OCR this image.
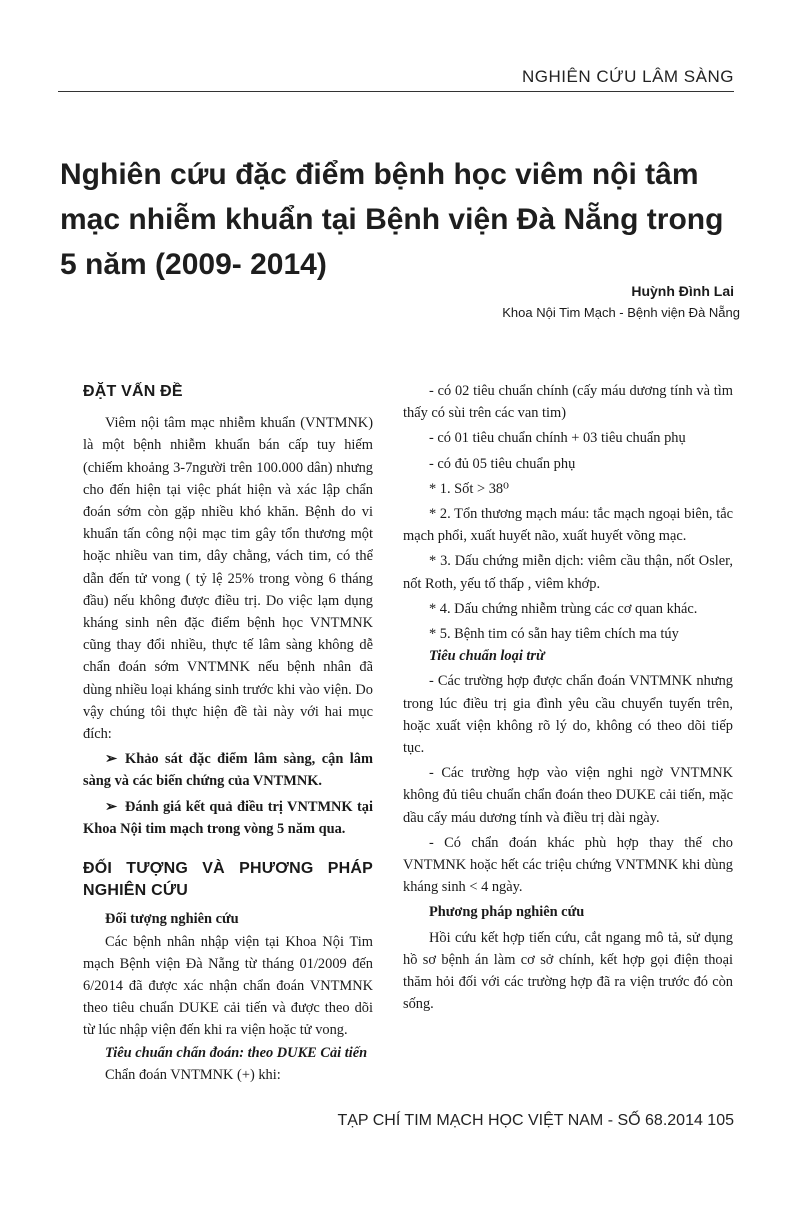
NGHIÊN CỨU LÂM SÀNG
Nghiên cứu đặc điểm bệnh học viêm nội tâm mạc nhiễm khuẩn tại Bệnh viện Đà Nẵng trong 5 năm (2009- 2014)
Huỳnh Đình Lai
Khoa Nội Tim Mạch - Bệnh viện Đà Nẵng

ĐẶT VẤN ĐỀ

Viêm nội tâm mạc nhiễm khuẩn (VNTMNK) là một bệnh nhiễm khuẩn bán cấp tuy hiếm (chiếm khoảng 3-7người trên 100.000 dân) nhưng cho đến hiện tại việc phát hiện và xác lập chẩn đoán sớm còn gặp nhiều khó khăn. Bệnh do vi khuẩn tấn công nội mạc tim gây tổn thương một hoặc nhiều van tim, dây chằng, vách tim, có thể dẫn đến tử vong ( tỷ lệ 25% trong vòng 6 tháng đầu) nếu không được điều trị. Do việc lạm dụng kháng sinh nên đặc điểm bệnh học VNTMNK cũng thay đổi nhiều, thực tế lâm sàng không dễ chẩn đoán sớm VNTMNK nếu bệnh nhân đã dùng nhiều loại kháng sinh trước khi vào viện. Do vậy chúng tôi thực hiện đề tài này với hai mục đích:

➢ Khảo sát đặc điểm lâm sàng, cận lâm sàng và các biến chứng của VNTMNK.

➢ Đánh giá kết quả điều trị VNTMNK tại Khoa Nội tim mạch trong vòng 5 năm qua.

ĐỐI TƯỢNG VÀ PHƯƠNG PHÁP NGHIÊN CỨU

Đối tượng nghiên cứu

Các bệnh nhân nhập viện tại Khoa Nội Tim mạch Bệnh viện Đà Nẵng từ tháng 01/2009 đến 6/2014 đã được xác nhận chẩn đoán VNTMNK theo tiêu chuẩn DUKE cải tiến và được theo dõi từ lúc nhập viện đến khi ra viện hoặc tử vong.

Tiêu chuẩn chẩn đoán: theo DUKE Cải tiến

Chẩn đoán VNTMNK (+) khi:

- có 02 tiêu chuẩn chính (cấy máu dương tính và tìm thấy có sùi trên các van tim)

- có 01 tiêu chuẩn chính + 03 tiêu chuẩn phụ

- có đủ 05 tiêu chuẩn phụ

* 1. Sốt > 38⁰

* 2. Tổn thương mạch máu: tắc mạch ngoại biên, tắc mạch phổi, xuất huyết não, xuất huyết võng mạc.

* 3. Dấu chứng miễn dịch: viêm cầu thận, nốt Osler, nốt Roth, yếu tố thấp , viêm khớp.

* 4. Dấu chứng nhiễm trùng các cơ quan khác.

* 5. Bệnh tim có sẵn hay tiêm chích ma túy

Tiêu chuẩn loại trừ

- Các trường hợp được chẩn đoán VNTMNK nhưng trong lúc điều trị gia đình yêu cầu chuyển tuyến trên, hoặc xuất viện không rõ lý do, không có theo dõi tiếp tục.

- Các trường hợp vào viện nghi ngờ VNTMNK không đủ tiêu chuẩn chẩn đoán theo DUKE cải tiến, mặc dầu cấy máu dương tính và điều trị dài ngày.

- Có chẩn đoán khác phù hợp thay thế cho VNTMNK hoặc hết các triệu chứng VNTMNK khi dùng kháng sinh < 4 ngày.

Phương pháp nghiên cứu

Hồi cứu kết hợp tiến cứu, cắt ngang mô tả, sử dụng hồ sơ bệnh án làm cơ sở chính, kết hợp gọi điện thoại thăm hỏi đối với các trường hợp đã ra viện trước đó còn sống.

TẠP CHÍ TIM MẠCH HỌC VIỆT NAM - SỐ 68.2014 105
